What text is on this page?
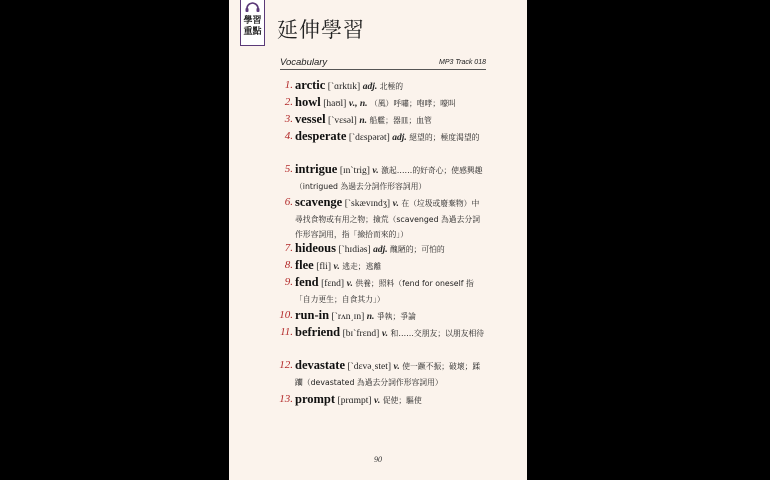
學習
重點 延伸學習
Vocabulary	MP3 Track 018
1. arctic [ˋɑrktɪk] adj. 北極的
2. howl [haʊl] v., n. （風）呼嘯；咆哮；嚎叫
3. vessel [ˋvɛsəl] n. 船艦；器皿；血管
4. desperate [ˋdɛspərət] adj. 絕望的；極度渴望的
5. intrigue [ɪnˋtrig] v. 激起……的好奇心；使感興趣（intrigued 為過去分詞作形容詞用）
6. scavenge [ˋskævɪndʒ] v. 在（垃圾或廢棄物）中尋找食物或有用之物；撿荒（scavenged 為過去分詞作形容詞用，指「撿拾而來的」）
7. hideous [ˋhɪdiəs] adj. 醜陋的；可怕的
8. flee [fli] v. 逃走；逃離
9. fend [fɛnd] v. 供養；照料（fend for oneself 指「自力更生；自食其力」）
10. run-in [ˋrʌn͵ɪn] n. 爭執；爭論
11. befriend [bɪˋfrɛnd] v. 和……交朋友；以朋友相待
12. devastate [ˋdɛvəˏstet] v. 使一蹶不振；破壞；蹂躪（devastated 為過去分詞作形容詞用）
13. prompt [prɑmpt] v. 促使；驅使
90
